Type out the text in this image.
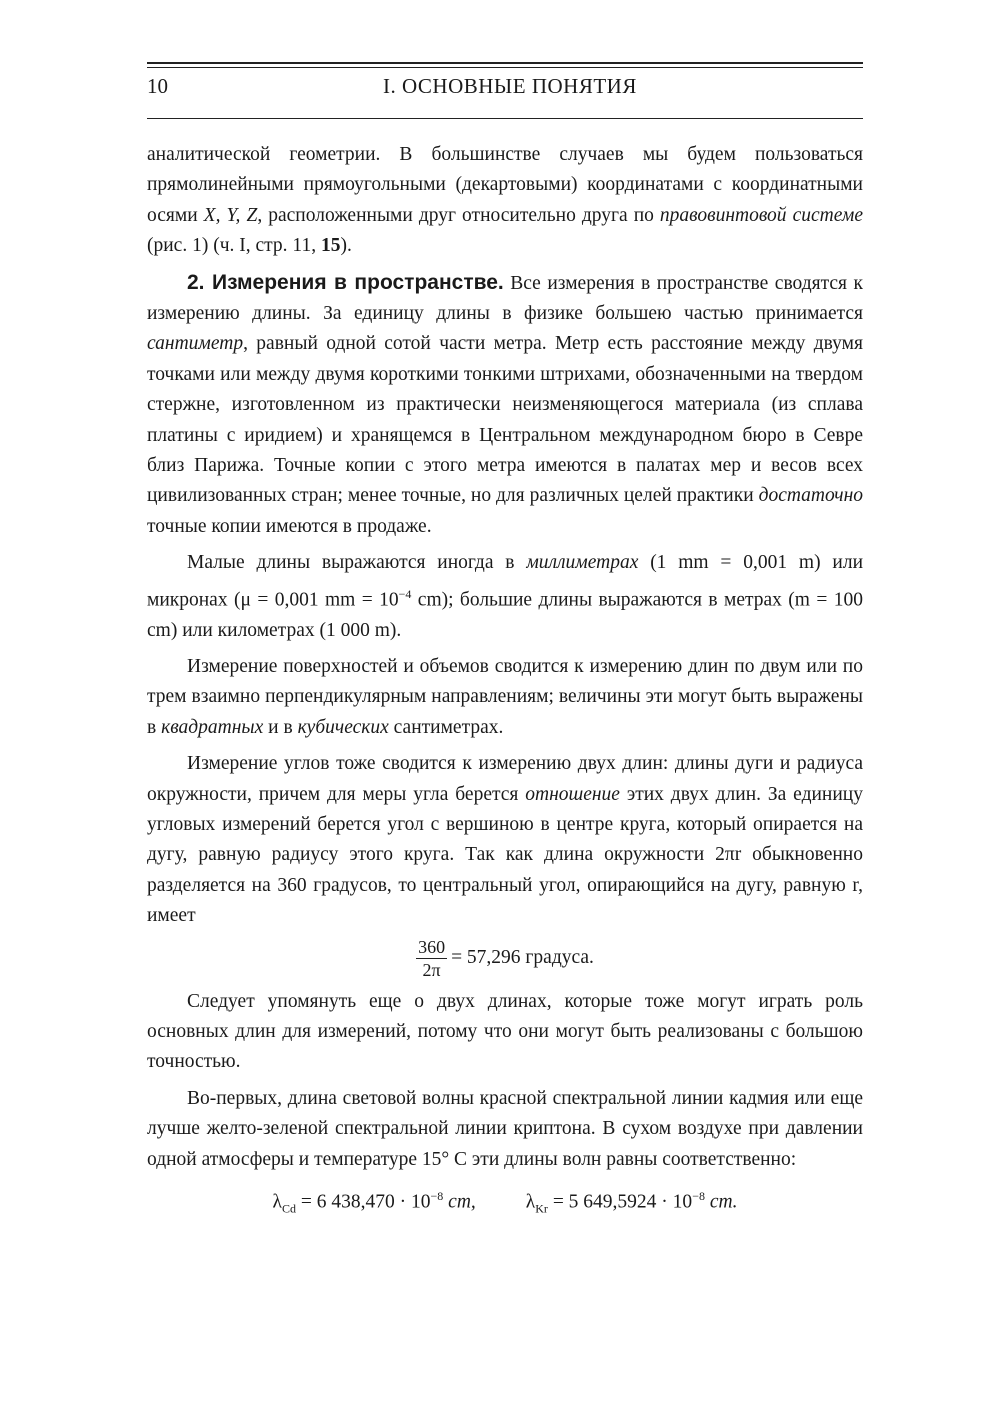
10	I. ОСНОВНЫЕ ПОНЯТИЯ

аналитической геометрии. В большинстве случаев мы будем пользоваться прямолинейными прямоугольными (декартовыми) координатами с координатными осями X, Y, Z, расположенными друг относительно друга по правовинтовой системе (рис. 1) (ч. I, стр. 11, 15).

2. Измерения в пространстве. Все измерения в пространстве сводятся к измерению длины. За единицу длины в физике большею частью принимается сантиметр, равный одной сотой части метра. Метр есть расстояние между двумя точками или между двумя короткими тонкими штрихами, обозначенными на твердом стержне, изготовленном из практически неизменяющегося материала (из сплава платины с иридием) и хранящемся в Центральном международном бюро в Севре близ Парижа. Точные копии с этого метра имеются в палатах мер и весов всех цивилизованных стран; менее точные, но для различных целей практики достаточно точные копии имеются в продаже.

Малые длины выражаются иногда в миллиметрах (1 mm = 0,001 m) или микронах (μ = 0,001 mm = $10^{-4}$ cm); большие длины выражаются в метрах (m = 100 cm) или километрах (1 000 m).

Измерение поверхностей и объемов сводится к измерению длин по двум или по трем взаимно перпендикулярным направлениям; величины эти могут быть выражены в квадратных и в кубических сантиметрах.

Измерение углов тоже сводится к измерению двух длин: длины дуги и радиуса окружности, причем для меры угла берется отношение этих двух длин. За единицу угловых измерений берется угол с вершиною в центре круга, который опирается на дугу, равную радиусу этого круга. Так как длина окружности 2πr обыкновенно разделяется на 360 градусов, то центральный угол, опирающийся на дугу, равную r, имеет

$\frac{360}{2\pi} = 57,296$ градуса.

Следует упомянуть еще о двух длинах, которые тоже могут играть роль основных длин для измерений, потому что они могут быть реализованы с большою точностью.

Во-первых, длина световой волны красной спектральной линии кадмия или еще лучше желто-зеленой спектральной линии криптона. В сухом воздухе при давлении одной атмосферы и температуре 15° C эти длины волн равны соответственно:

$\lambda_{Cd} = 6$ $438,470 \cdot 10^{-8}$ cm,	$\lambda_{Kr} = 5$ $649,5924 \cdot 10^{-8}$ cm.
